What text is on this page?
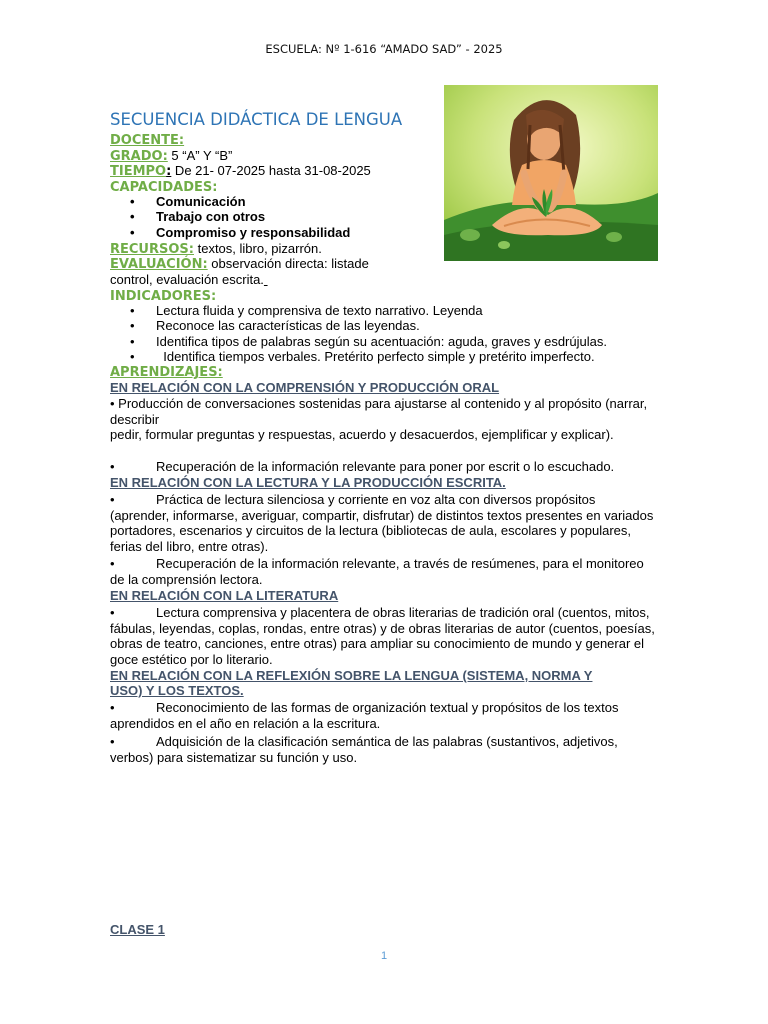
ESCUELA: Nº 1-616 “AMADO SAD” - 2025
SECUENCIA DIDÁCTICA DE LENGUA
DOCENTE:
GRADO: 5 “A” Y “B”
TIEMPO: De 21- 07-2025 hasta 31-08-2025
CAPACIDADES:
• Comunicación
• Trabajo con otros
• Compromiso y responsabilidad
RECURSOS: textos, libro, pizarrón.
EVALUACIÓN: observación directa: listade
control, evaluación escrita.
INDICADORES:
• Lectura fluida y comprensiva de texto narrativo. Leyenda
• Reconoce las características de las leyendas.
• Identifica tipos de palabras según su acentuación: aguda, graves y esdrújulas.
•   Identifica tiempos verbales. Pretérito perfecto simple y pretérito imperfecto.
APRENDIZAJES:
EN RELACIÓN CON LA COMPRENSIÓN Y PRODUCCIÓN ORAL
• Producción de conversaciones sostenidas para ajustarse al contenido y al propósito (narrar, describir
pedir, formular preguntas y respuestas, acuerdo y desacuerdos, ejemplificar y explicar).
•	Recuperación de la información relevante para poner por escrit o lo escuchado.
EN RELACIÓN CON LA LECTURA Y LA PRODUCCIÓN ESCRITA.
•	Práctica de lectura silenciosa y corriente en voz alta con diversos propósitos (aprender, informarse, averiguar, compartir, disfrutar) de distintos textos presentes en variados portadores, escenarios y circuitos de la lectura (bibliotecas de aula, escolares y populares, ferias del libro, entre otras).
•	Recuperación de la información relevante, a través de resúmenes, para el monitoreo de la comprensión lectora.
EN RELACIÓN CON LA LITERATURA
•	Lectura comprensiva y placentera de obras literarias de tradición oral (cuentos, mitos, fábulas, leyendas, coplas, rondas, entre otras) y de obras literarias de autor (cuentos, poesías, obras de teatro, canciones, entre otras) para ampliar su conocimiento de mundo y generar el goce estético por lo literario.
EN RELACIÓN CON LA REFLEXIÓN SOBRE LA LENGUA (SISTEMA, NORMA Y
USO) Y LOS TEXTOS.
•	Reconocimiento de las formas de organización textual y propósitos de los textos aprendidos en el año en relación a la escritura.
•	Adquisición de la clasificación semántica de las palabras (sustantivos, adjetivos, verbos) para sistematizar su función y uso.
CLASE 1
1
